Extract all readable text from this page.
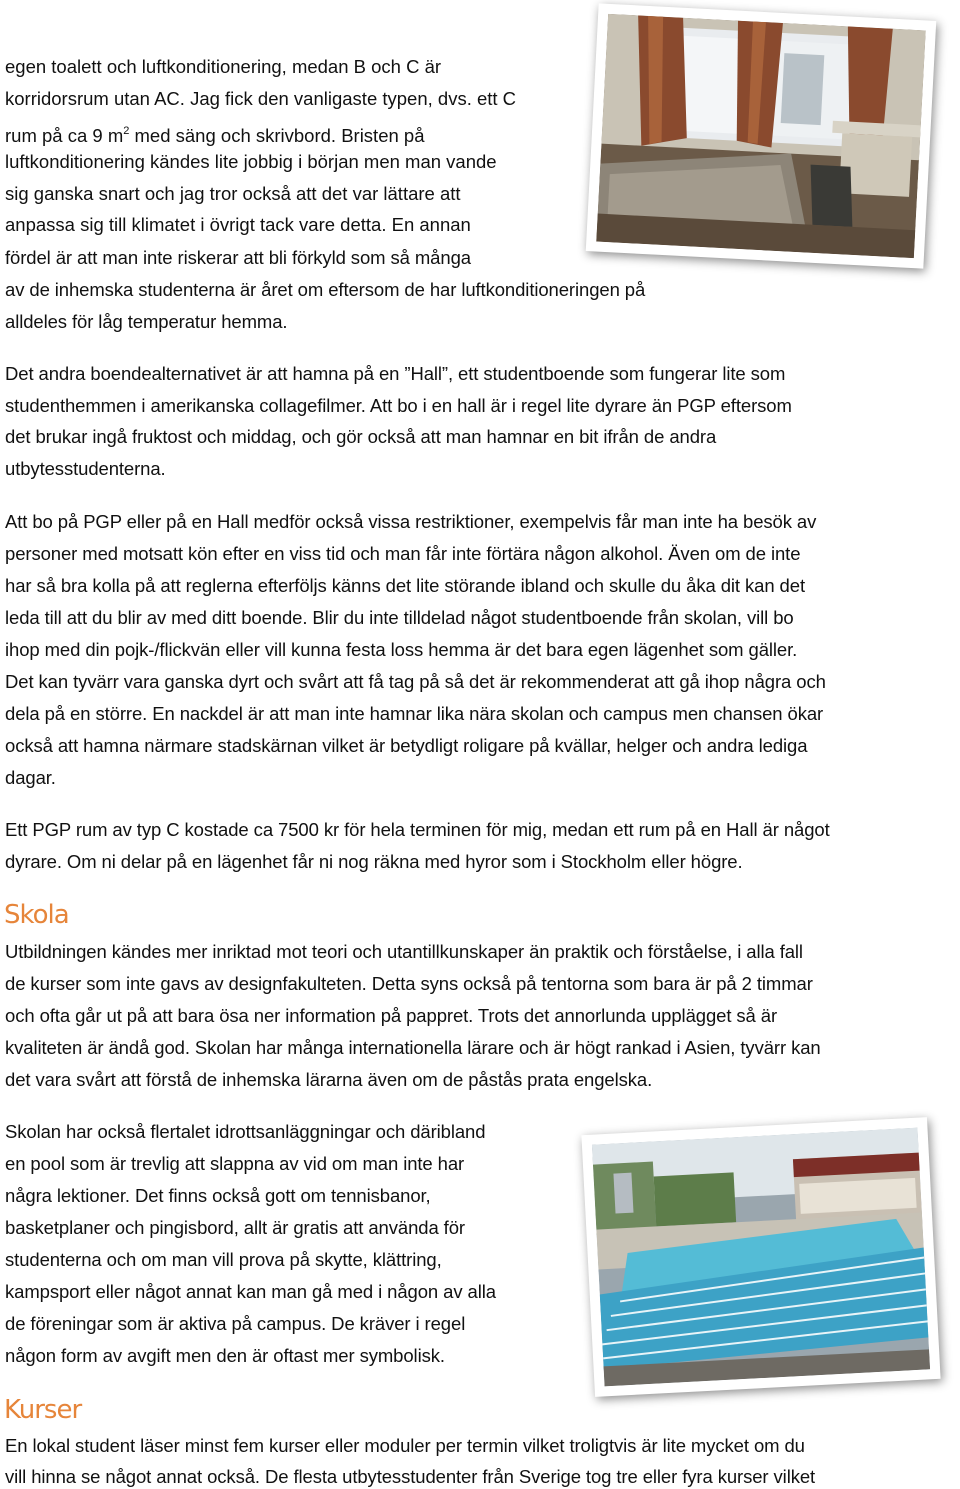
egen toalett och luftkonditionering, medan B och C är
korridorsrum utan AC. Jag fick den vanligaste typen, dvs. ett C
rum på ca 9 $m^2$ med säng och skrivbord. Bristen på
luftkonditionering kändes lite jobbig i början men man vande
sig ganska snart och jag tror också att det var lättare att
anpassa sig till klimatet i övrigt tack vare detta. En annan
fördel är att man inte riskerar att bli förkyld som så många
av de inhemska studenterna är året om eftersom de har luftkonditioneringen på
alldeles för låg temperatur hemma.
Det andra boendealternativet är att hamna på en ”Hall”, ett studentboende som fungerar lite som
studenthemmen i amerikanska collagefilmer. Att bo i en hall är i regel lite dyrare än PGP eftersom
det brukar ingå fruktost och middag, och gör också att man hamnar en bit ifrån de andra
utbytesstudenterna.
Att bo på PGP eller på en Hall medför också vissa restriktioner, exempelvis får man inte ha besök av
personer med motsatt kön efter en viss tid och man får inte förtära någon alkohol. Även om de inte
har så bra kolla på att reglerna efterföljs känns det lite störande ibland och skulle du åka dit kan det
leda till att du blir av med ditt boende. Blir du inte tilldelad något studentboende från skolan, vill bo
ihop med din pojk-/flickvän eller vill kunna festa loss hemma är det bara egen lägenhet som gäller.
Det kan tyvärr vara ganska dyrt och svårt att få tag på så det är rekommenderat att gå ihop några och
dela på en större. En nackdel är att man inte hamnar lika nära skolan och campus men chansen ökar
också att hamna närmare stadskärnan vilket är betydligt roligare på kvällar, helger och andra lediga
dagar.
Ett PGP rum av typ C kostade ca 7500 kr för hela terminen för mig, medan ett rum på en Hall är något
dyrare. Om ni delar på en lägenhet får ni nog räkna med hyror som i Stockholm eller högre.
Skola
Utbildningen kändes mer inriktad mot teori och utantillkunskaper än praktik och förståelse, i alla fall
de kurser som inte gavs av designfakulteten. Detta syns också på tentorna som bara är på 2 timmar
och ofta går ut på att bara ösa ner information på pappret. Trots det annorlunda upplägget så är
kvaliteten är ändå god. Skolan har många internationella lärare och är högt rankad i Asien, tyvärr kan
det vara svårt att förstå de inhemska lärarna även om de påstås prata engelska.
Skolan har också flertalet idrottsanläggningar och däribland
en pool som är trevlig att slappna av vid om man inte har
några lektioner. Det finns också gott om tennisbanor,
basketplaner och pingisbord, allt är gratis att använda för
studenterna och om man vill prova på skytte, klättring,
kampsport eller något annat kan man gå med i någon av alla
de föreningar som är aktiva på campus. De kräver i regel
någon form av avgift men den är oftast mer symbolisk.
Kurser
En lokal student läser minst fem kurser eller moduler per termin vilket troligtvis är lite mycket om du
vill hinna se något annat också. De flesta utbytesstudenter från Sverige tog tre eller fyra kurser vilket
